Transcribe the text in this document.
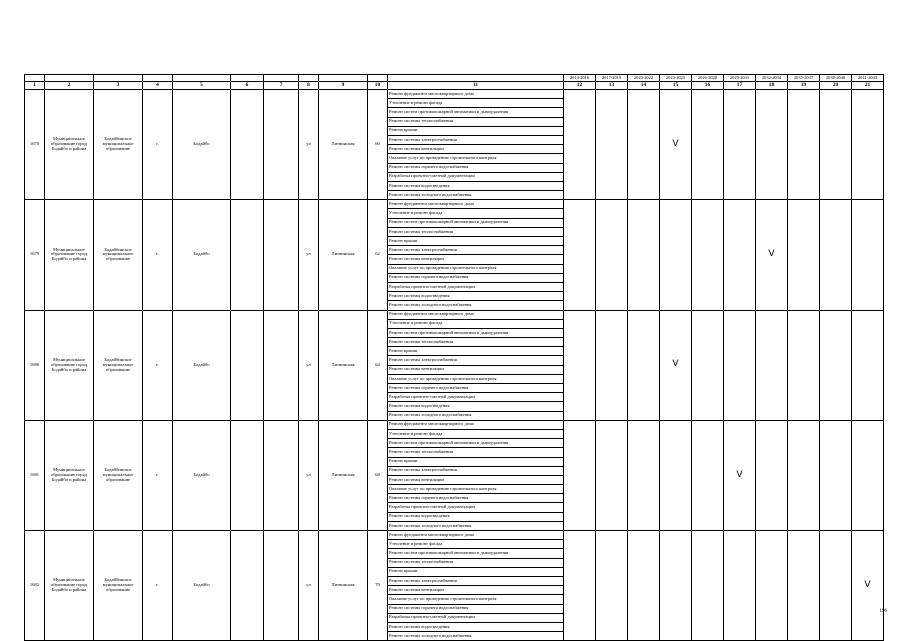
											2014-2016	2017-2019	2020-2022	2023-2025	2026-2028	2029-2031	2032-2034	2035-2037	2038-2040	2041-2043
1	2	3	4	5	6	7	8	9	10	11	12	13	14	15	16	17	18	19	20	21
1678	Муниципальное образование город Бодайбо и района	Бодайбинское муниципальное образование	г.	Бодайбо			ул	Литвинская	60	Ремонт фундамента многоквартирного дома				V						
										Утепление и ремонт фасада										
										Ремонт систем противопожарной автоматики и дымоудаления										
										Ремонт системы теплоснабжения										
										Ремонт крыши										
										Ремонт системы электроснабжения										
										Ремонт системы вентиляции										
										Оказание услуг по проведению строительного контроля										
										Ремонт системы горячего водоснабжения										
										Разработка проектно-сметной документации										
										Ремонт системы водоотведения										
										Ремонт системы холодного водоснабжения										
1679	Муниципальное образование город Бодайбо и района	Бодайбинское муниципальное образование	г.	Бодайбо			ул	Литвинская	62	Ремонт фундамента многоквартирного дома							V			
										Утепление и ремонт фасада										
										Ремонт систем противопожарной автоматики и дымоудаления										
										Ремонт системы теплоснабжения										
										Ремонт крыши										
										Ремонт системы электроснабжения										
										Ремонт системы вентиляции										
										Оказание услуг по проведению строительного контроля										
										Ремонт системы горячего водоснабжения										
										Разработка проектно-сметной документации										
										Ремонт системы водоотведения										
										Ремонт системы холодного водоснабжения										
1680	Муниципальное образование город Бодайбо и района	Бодайбинское муниципальное образование	г.	Бодайбо			ул	Литвинская	64	Ремонт фундамента многоквартирного дома				V						
										Утепление и ремонт фасада										
										Ремонт систем противопожарной автоматики и дымоудаления										
										Ремонт системы теплоснабжения										
										Ремонт крыши										
										Ремонт системы электроснабжения										
										Ремонт системы вентиляции										
										Оказание услуг по проведению строительного контроля										
										Ремонт системы горячего водоснабжения										
										Разработка проектно-сметной документации										
										Ремонт системы водоотведения										
										Ремонт системы холодного водоснабжения										
1681	Муниципальное образование город Бодайбо и района	Бодайбинское муниципальное образование	г.	Бодайбо			ул	Литвинская	68	Ремонт фундамента многоквартирного дома						V				
										Утепление и ремонт фасада										
										Ремонт систем противопожарной автоматики и дымоудаления										
										Ремонт системы теплоснабжения										
										Ремонт крыши										
										Ремонт системы электроснабжения										
										Ремонт системы вентиляции										
										Оказание услуг по проведению строительного контроля										
										Ремонт системы горячего водоснабжения										
										Разработка проектно-сметной документации										
										Ремонт системы водоотведения										
										Ремонт системы холодного водоснабжения										
1682	Муниципальное образование город Бодайбо и района	Бодайбинское муниципальное образование	г.	Бодайбо			ул	Литвинская	70	Ремонт фундамента многоквартирного дома										V
										Утепление и ремонт фасада										
										Ремонт систем противопожарной автоматики и дымоудаления										
										Ремонт системы теплоснабжения										
										Ремонт крыши										
										Ремонт системы электроснабжения										
										Ремонт системы вентиляции										
										Оказание услуг по проведению строительного контроля										
										Ремонт системы горячего водоснабжения										
										Разработка проектно-сметной документации										
										Ремонт системы водоотведения										
										Ремонт системы холодного водоснабжения										
196
